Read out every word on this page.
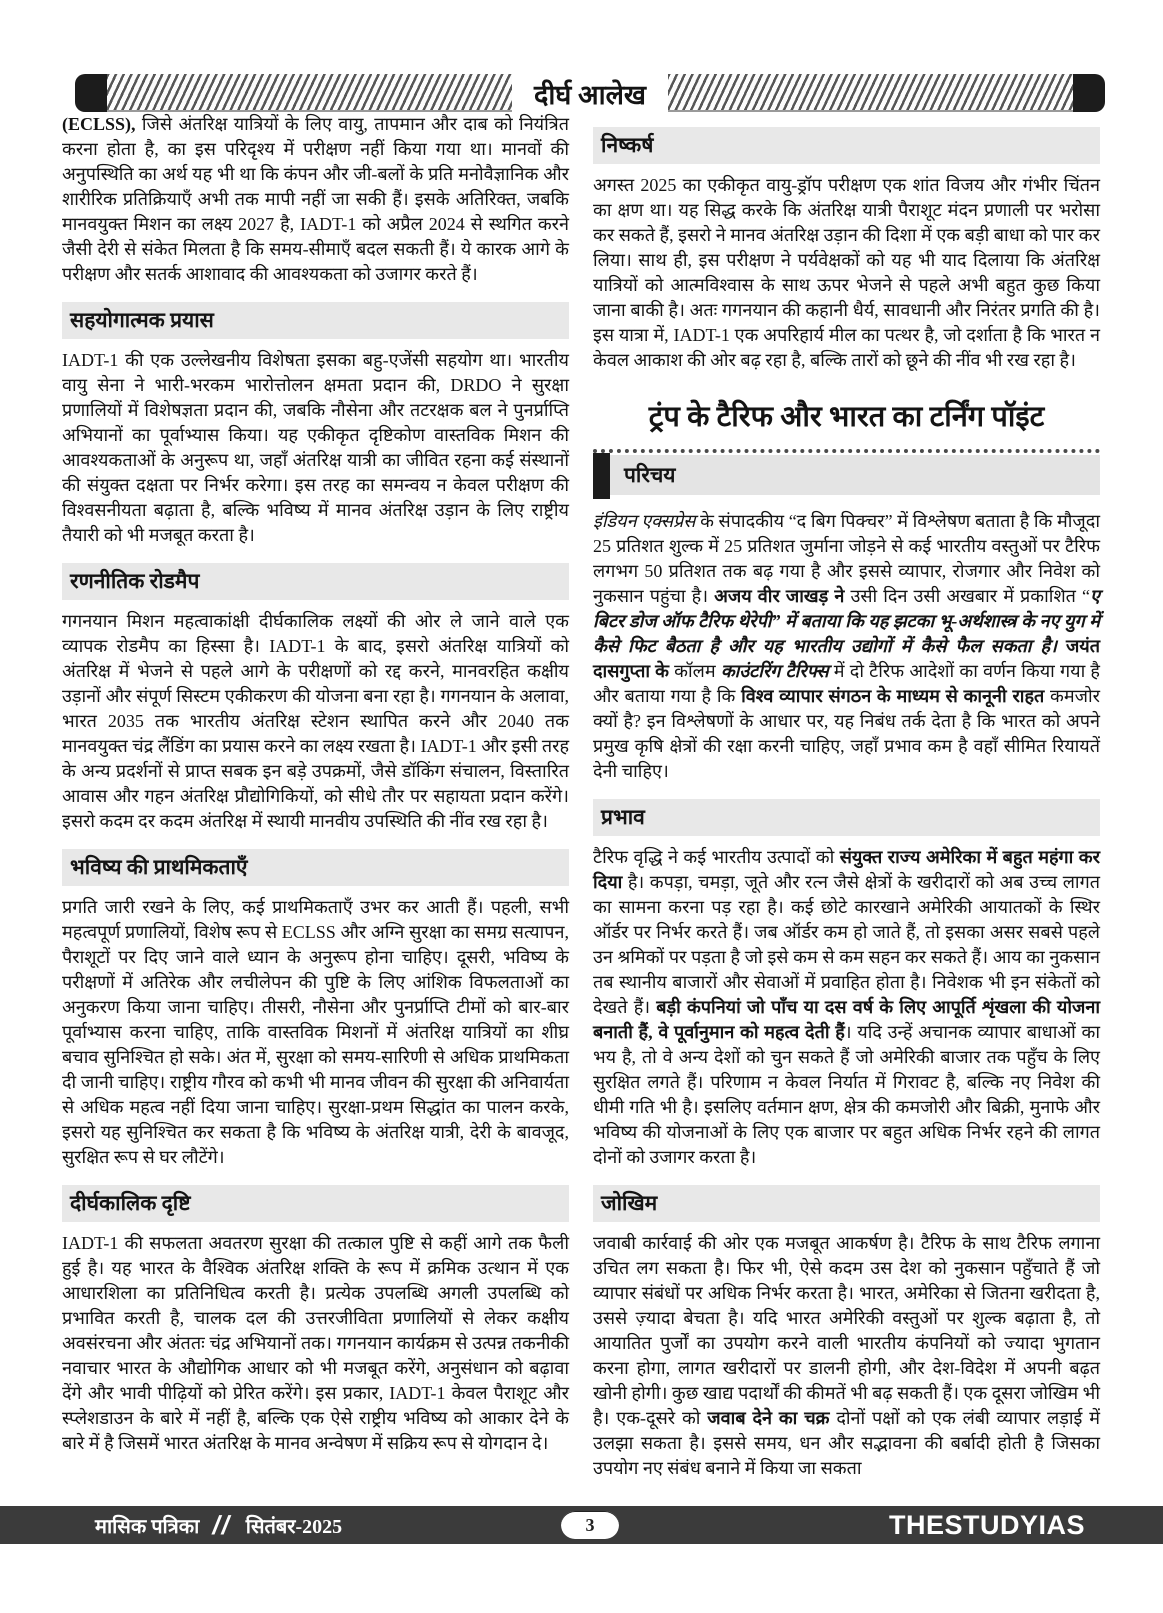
दीर्घ आलेख

(ECLSS), जिसे अंतरिक्ष यात्रियों के लिए वायु, तापमान और दाब को नियंत्रित करना होता है, का इस परिदृश्य में परीक्षण नहीं किया गया था। मानवों की अनुपस्थिति का अर्थ यह भी था कि कंपन और जी-बलों के प्रति मनोवैज्ञानिक और शारीरिक प्रतिक्रियाएँ अभी तक मापी नहीं जा सकी हैं। इसके अतिरिक्त, जबकि मानवयुक्त मिशन का लक्ष्य 2027 है, IADT-1 को अप्रैल 2024 से स्थगित करने जैसी देरी से संकेत मिलता है कि समय-सीमाएँ बदल सकती हैं। ये कारक आगे के परीक्षण और सतर्क आशावाद की आवश्यकता को उजागर करते हैं।

सहयोगात्मक प्रयास

IADT-1 की एक उल्लेखनीय विशेषता इसका बहु-एजेंसी सहयोग था। भारतीय वायु सेना ने भारी-भरकम भारोत्तोलन क्षमता प्रदान की, DRDO ने सुरक्षा प्रणालियों में विशेषज्ञता प्रदान की, जबकि नौसेना और तटरक्षक बल ने पुनर्प्राप्ति अभियानों का पूर्वाभ्यास किया। यह एकीकृत दृष्टिकोण वास्तविक मिशन की आवश्यकताओं के अनुरूप था, जहाँ अंतरिक्ष यात्री का जीवित रहना कई संस्थानों की संयुक्त दक्षता पर निर्भर करेगा। इस तरह का समन्वय न केवल परीक्षण की विश्वसनीयता बढ़ाता है, बल्कि भविष्य में मानव अंतरिक्ष उड़ान के लिए राष्ट्रीय तैयारी को भी मजबूत करता है।

रणनीतिक रोडमैप

गगनयान मिशन महत्वाकांक्षी दीर्घकालिक लक्ष्यों की ओर ले जाने वाले एक व्यापक रोडमैप का हिस्सा है। IADT-1 के बाद, इसरो अंतरिक्ष यात्रियों को अंतरिक्ष में भेजने से पहले आगे के परीक्षणों को रद्द करने, मानवरहित कक्षीय उड़ानों और संपूर्ण सिस्टम एकीकरण की योजना बना रहा है। गगनयान के अलावा, भारत 2035 तक भारतीय अंतरिक्ष स्टेशन स्थापित करने और 2040 तक मानवयुक्त चंद्र लैंडिंग का प्रयास करने का लक्ष्य रखता है। IADT-1 और इसी तरह के अन्य प्रदर्शनों से प्राप्त सबक इन बड़े उपक्रमों, जैसे डॉकिंग संचालन, विस्तारित आवास और गहन अंतरिक्ष प्रौद्योगिकियों, को सीधे तौर पर सहायता प्रदान करेंगे। इसरो कदम दर कदम अंतरिक्ष में स्थायी मानवीय उपस्थिति की नींव रख रहा है।

भविष्य की प्राथमिकताएँ

प्रगति जारी रखने के लिए, कई प्राथमिकताएँ उभर कर आती हैं। पहली, सभी महत्वपूर्ण प्रणालियों, विशेष रूप से ECLSS और अग्नि सुरक्षा का समग्र सत्यापन, पैराशूटों पर दिए जाने वाले ध्यान के अनुरूप होना चाहिए। दूसरी, भविष्य के परीक्षणों में अतिरेक और लचीलेपन की पुष्टि के लिए आंशिक विफलताओं का अनुकरण किया जाना चाहिए। तीसरी, नौसेना और पुनर्प्राप्ति टीमों को बार-बार पूर्वाभ्यास करना चाहिए, ताकि वास्तविक मिशनों में अंतरिक्ष यात्रियों का शीघ्र बचाव सुनिश्चित हो सके। अंत में, सुरक्षा को समय-सारिणी से अधिक प्राथमिकता दी जानी चाहिए। राष्ट्रीय गौरव को कभी भी मानव जीवन की सुरक्षा की अनिवार्यता से अधिक महत्व नहीं दिया जाना चाहिए। सुरक्षा-प्रथम सिद्धांत का पालन करके, इसरो यह सुनिश्चित कर सकता है कि भविष्य के अंतरिक्ष यात्री, देरी के बावजूद, सुरक्षित रूप से घर लौटेंगे।

दीर्घकालिक दृष्टि

IADT-1 की सफलता अवतरण सुरक्षा की तत्काल पुष्टि से कहीं आगे तक फैली हुई है। यह भारत के वैश्विक अंतरिक्ष शक्ति के रूप में क्रमिक उत्थान में एक आधारशिला का प्रतिनिधित्व करती है। प्रत्येक उपलब्धि अगली उपलब्धि को प्रभावित करती है, चालक दल की उत्तरजीविता प्रणालियों से लेकर कक्षीय अवसंरचना और अंततः चंद्र अभियानों तक। गगनयान कार्यक्रम से उत्पन्न तकनीकी नवाचार भारत के औद्योगिक आधार को भी मजबूत करेंगे, अनुसंधान को बढ़ावा देंगे और भावी पीढ़ियों को प्रेरित करेंगे। इस प्रकार, IADT-1 केवल पैराशूट और स्प्लेशडाउन के बारे में नहीं है, बल्कि एक ऐसे राष्ट्रीय भविष्य को आकार देने के बारे में है जिसमें भारत अंतरिक्ष के मानव अन्वेषण में सक्रिय रूप से योगदान दे।

निष्कर्ष

अगस्त 2025 का एकीकृत वायु-ड्रॉप परीक्षण एक शांत विजय और गंभीर चिंतन का क्षण था। यह सिद्ध करके कि अंतरिक्ष यात्री पैराशूट मंदन प्रणाली पर भरोसा कर सकते हैं, इसरो ने मानव अंतरिक्ष उड़ान की दिशा में एक बड़ी बाधा को पार कर लिया। साथ ही, इस परीक्षण ने पर्यवेक्षकों को यह भी याद दिलाया कि अंतरिक्ष यात्रियों को आत्मविश्वास के साथ ऊपर भेजने से पहले अभी बहुत कुछ किया जाना बाकी है। अतः गगनयान की कहानी धैर्य, सावधानी और निरंतर प्रगति की है। इस यात्रा में, IADT-1 एक अपरिहार्य मील का पत्थर है, जो दर्शाता है कि भारत न केवल आकाश की ओर बढ़ रहा है, बल्कि तारों को छूने की नींव भी रख रहा है।

ट्रंप के टैरिफ और भारत का टर्निंग पॉइंट
परिचय

इंडियन एक्सप्रेस के संपादकीय “द बिग पिक्चर” में विश्लेषण बताता है कि मौजूदा 25 प्रतिशत शुल्क में 25 प्रतिशत जुर्माना जोड़ने से कई भारतीय वस्तुओं पर टैरिफ लगभग 50 प्रतिशत तक बढ़ गया है और इससे व्यापार, रोजगार और निवेश को नुकसान पहुंचा है। अजय वीर जाखड़ ने उसी दिन उसी अखबार में प्रकाशित “ए बिटर डोज ऑफ टैरिफ थेरेपी” में बताया कि यह झटका भू-अर्थशास्त्र के नए युग में कैसे फिट बैठता है और यह भारतीय उद्योगों में कैसे फैल सकता है। जयंत दासगुप्ता के कॉलम काउंटरिंग टैरिफ्स में दो टैरिफ आदेशों का वर्णन किया गया है और बताया गया है कि विश्व व्यापार संगठन के माध्यम से कानूनी राहत कमजोर क्यों है? इन विश्लेषणों के आधार पर, यह निबंध तर्क देता है कि भारत को अपने प्रमुख कृषि क्षेत्रों की रक्षा करनी चाहिए, जहाँ प्रभाव कम है वहाँ सीमित रियायतें देनी चाहिए।

प्रभाव

टैरिफ वृद्धि ने कई भारतीय उत्पादों को संयुक्त राज्य अमेरिका में बहुत महंगा कर दिया है। कपड़ा, चमड़ा, जूते और रत्न जैसे क्षेत्रों के खरीदारों को अब उच्च लागत का सामना करना पड़ रहा है। कई छोटे कारखाने अमेरिकी आयातकों के स्थिर ऑर्डर पर निर्भर करते हैं। जब ऑर्डर कम हो जाते हैं, तो इसका असर सबसे पहले उन श्रमिकों पर पड़ता है जो इसे कम से कम सहन कर सकते हैं। आय का नुकसान तब स्थानीय बाजारों और सेवाओं में प्रवाहित होता है। निवेशक भी इन संकेतों को देखते हैं। बड़ी कंपनियां जो पाँच या दस वर्ष के लिए आपूर्ति शृंखला की योजना बनाती हैं, वे पूर्वानुमान को महत्व देती हैं। यदि उन्हें अचानक व्यापार बाधाओं का भय है, तो वे अन्य देशों को चुन सकते हैं जो अमेरिकी बाजार तक पहुँच के लिए सुरक्षित लगते हैं। परिणाम न केवल निर्यात में गिरावट है, बल्कि नए निवेश की धीमी गति भी है। इसलिए वर्तमान क्षण, क्षेत्र की कमजोरी और बिक्री, मुनाफे और भविष्य की योजनाओं के लिए एक बाजार पर बहुत अधिक निर्भर रहने की लागत दोनों को उजागर करता है।

जोखिम

जवाबी कार्रवाई की ओर एक मजबूत आकर्षण है। टैरिफ के साथ टैरिफ लगाना उचित लग सकता है। फिर भी, ऐसे कदम उस देश को नुकसान पहुँचाते हैं जो व्यापार संबंधों पर अधिक निर्भर करता है। भारत, अमेरिका से जितना खरीदता है, उससे ज़्यादा बेचता है। यदि भारत अमेरिकी वस्तुओं पर शुल्क बढ़ाता है, तो आयातित पुर्जों का उपयोग करने वाली भारतीय कंपनियों को ज्यादा भुगतान करना होगा, लागत खरीदारों पर डालनी होगी, और देश-विदेश में अपनी बढ़त खोनी होगी। कुछ खाद्य पदार्थों की कीमतें भी बढ़ सकती हैं। एक दूसरा जोखिम भी है। एक-दूसरे को जवाब देने का चक्र दोनों पक्षों को एक लंबी व्यापार लड़ाई में उलझा सकता है। इससे समय, धन और सद्भावना की बर्बादी होती है जिसका उपयोग नए संबंध बनाने में किया जा सकता

मासिक पत्रिका // सितंबर-2025	3	THESTUDYIAS
